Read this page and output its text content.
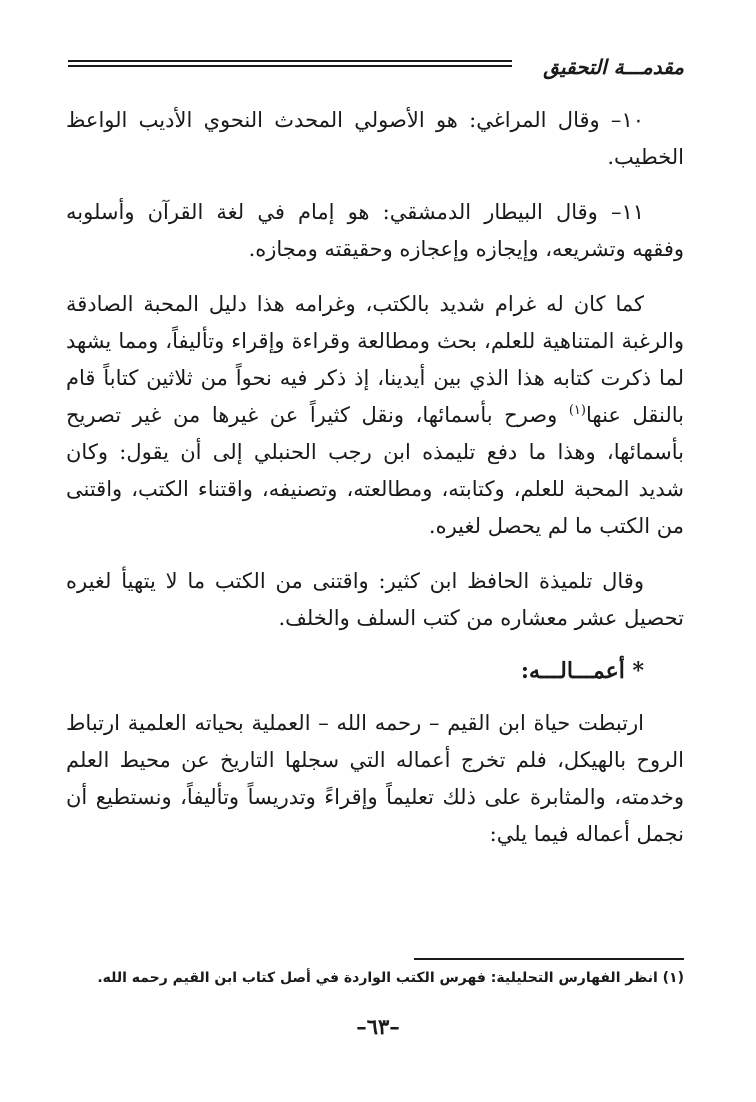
مقدمـــة التحقيق

١٠– وقال المراغي: هو الأصولي المحدث النحوي الأديب الواعظ الخطيب.

١١– وقال البيطار الدمشقي: هو إمام في لغة القرآن وأسلوبه وفقهه وتشريعه، وإيجازه وإعجازه وحقيقته ومجازه.

كما كان له غرام شديد بالكتب، وغرامه هذا دليل المحبة الصادقة والرغبة المتناهية للعلم، بحث ومطالعة وقراءة وإقراء وتأليفاً، ومما يشهد لما ذكرت كتابه هذا الذي بين أيدينا، إذ ذكر فيه نحواً من ثلاثين كتاباً قام بالنقل عنها$^{(١)}$ وصرح بأسمائها، ونقل كثيراً عن غيرها من غير تصريح بأسمائها، وهذا ما دفع تليمذه ابن رجب الحنبلي إلى أن يقول: وكان شديد المحبة للعلم، وكتابته، ومطالعته، وتصنيفه، واقتناء الكتب، واقتنى من الكتب ما لم يحصل لغيره.

وقال تلميذة الحافظ ابن كثير: واقتنى من الكتب ما لا يتهيأ لغيره تحصيل عشر معشاره من كتب السلف والخلف.

* أعمـــالـــه:

ارتبطت حياة ابن القيم – رحمه الله – العملية بحياته العلمية ارتباط الروح بالهيكل، فلم تخرج أعماله التي سجلها التاريخ عن محيط العلم وخدمته، والمثابرة على ذلك تعليماً وإقراءً وتدريساً وتأليفاً، ونستطيع أن نجمل أعماله فيما يلي:

(١) انظر الفهارس التحليلية: فهرس الكتب الواردة في أصل كتاب ابن القيم رحمه الله.
–٦٣–
